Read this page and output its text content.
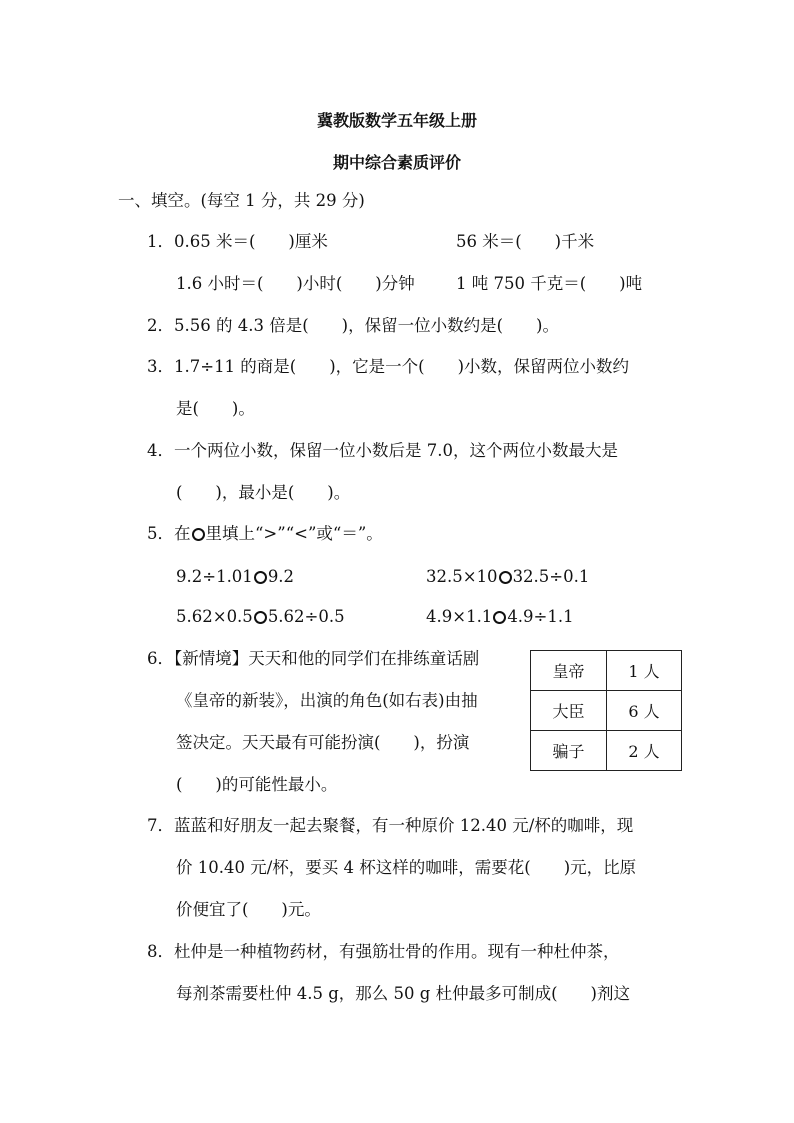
冀教版数学五年级上册
期中综合素质评价
一、填空。(每空 1 分，共 29 分)
1．0.65 米＝(　　)厘米	56 米＝(　　)千米
1.6 小时＝(　　)小时(　　)分钟	1 吨 750 千克＝(　　)吨
2．5.56 的 4.3 倍是(　　)，保留一位小数约是(　　)。
3．1.7÷11 的商是(　　)，它是一个(　　)小数，保留两位小数约
是(　　)。
4．一个两位小数，保留一位小数后是 7.0，这个两位小数最大是
(　　)，最小是(　　)。
5．在 里填上“>”“<”或“＝”。
9.2÷1.01 9.2	32.5×10 32.5÷0.1
5.62×0.5 5.62÷0.5	4.9×1.1 4.9÷1.1
6．【新情境】天天和他的同学们在排练童话剧
《皇帝的新装》，出演的角色(如右表)由抽
签决定。天天最有可能扮演(　　)，扮演
(　　)的可能性最小。
皇帝	1 人
大臣	6 人
骗子	2 人
7．蓝蓝和好朋友一起去聚餐，有一种原价 12.40 元/杯的咖啡，现
价 10.40 元/杯，要买 4 杯这样的咖啡，需要花(　　)元，比原
价便宜了(　　)元。
8．杜仲是一种植物药材，有强筋壮骨的作用。现有一种杜仲茶，
每剂茶需要杜仲 4.5 g，那么 50 g 杜仲最多可制成(　　)剂这
